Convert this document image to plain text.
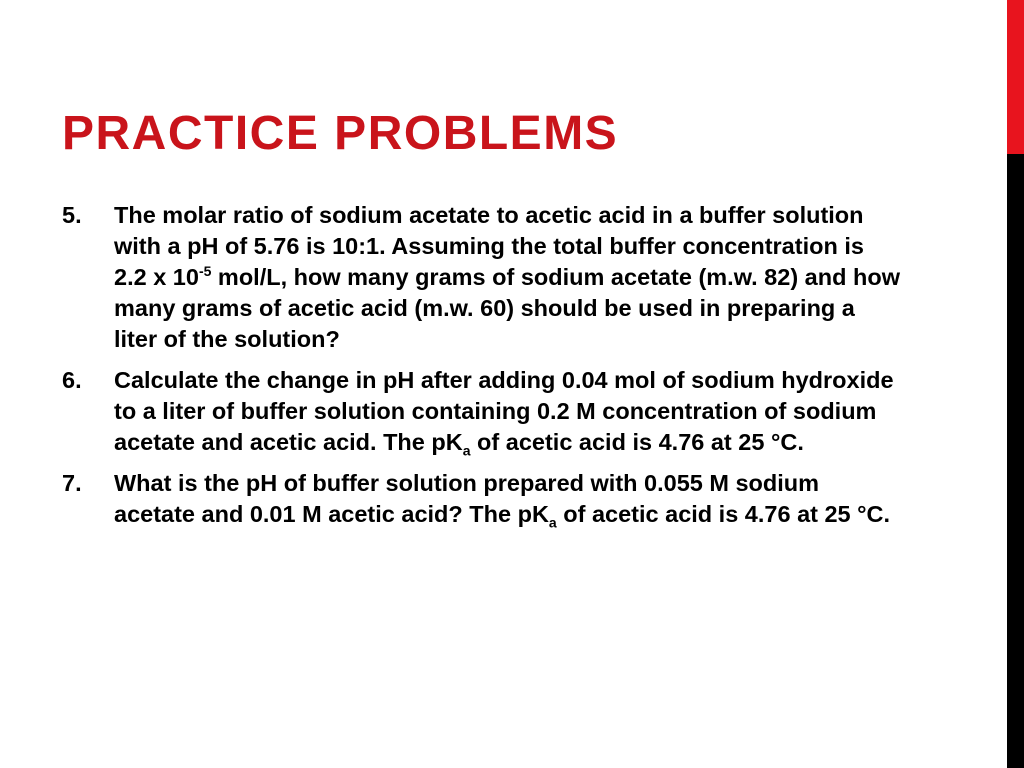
PRACTICE PROBLEMS
5. The molar ratio of sodium acetate to acetic acid in a buffer solution with a pH of 5.76 is 10:1. Assuming the total buffer concentration is 2.2 x $10^{-5}$ mol/L, how many grams of sodium acetate (m.w. 82) and how many grams of acetic acid (m.w. 60) should be used in preparing a liter of the solution?
6. Calculate the change in pH after adding 0.04 mol of sodium hydroxide to a liter of buffer solution containing 0.2 M concentration of sodium acetate and acetic acid. The $pK_a$ of acetic acid is 4.76 at 25 °C.
7. What is the pH of buffer solution prepared with 0.055 M sodium acetate and 0.01 M acetic acid? The $pK_a$ of acetic acid is 4.76 at 25 °C.
